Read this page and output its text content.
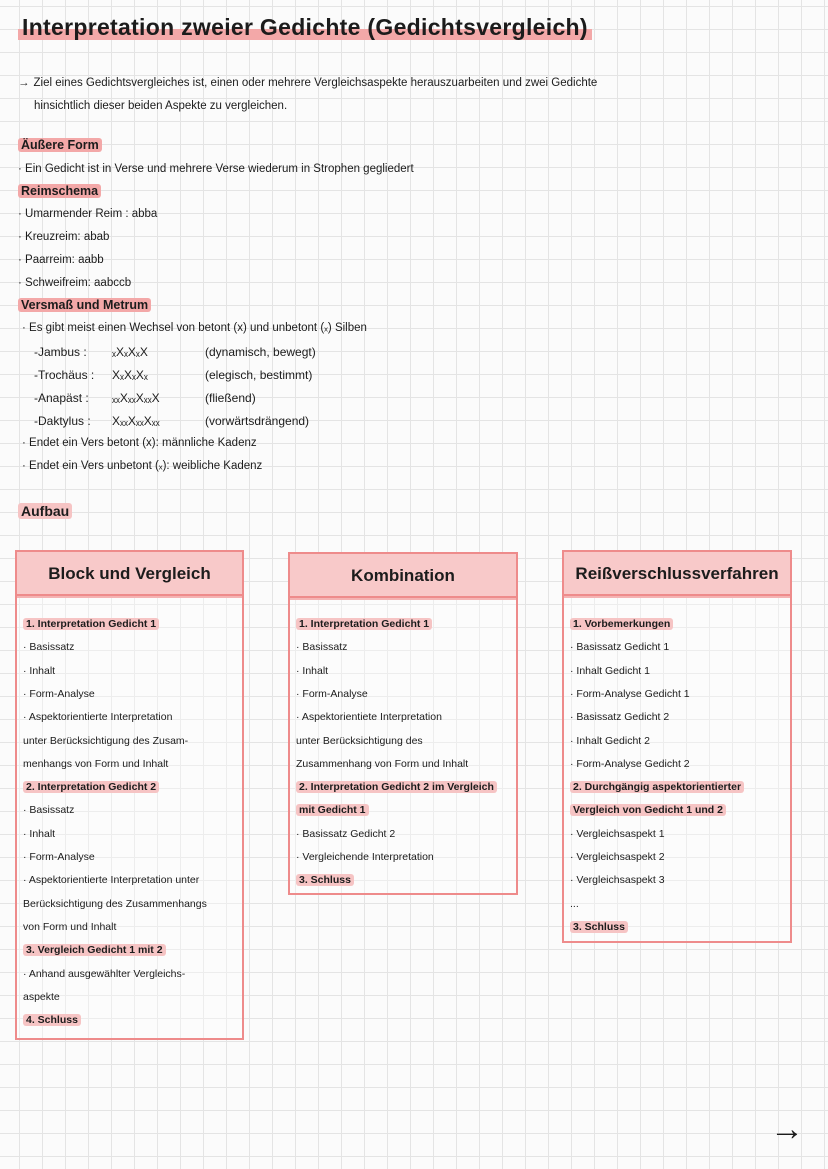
Interpretation zweier Gedichte (Gedichtsvergleich)
→ Ziel eines Gedichtsvergleiches ist, einen oder mehrere Vergleichsaspekte herauszuarbeiten und zwei Gedichte
hinsichtlich dieser beiden Aspekte zu vergleichen.
Äußere Form
· Ein Gedicht ist in Verse und mehrere Verse wiederum in Strophen gegliedert
Reimschema
· Umarmender Reim : abba
· Kreuzreim: abab
· Paarreim: aabb
· Schweifreim: aabccb
Versmaß und Metrum
· Es gibt meist einen Wechsel von betont (x) und unbetont (ₓ) Silben
-Jambus : ₓXₓXₓX	(dynamisch, bewegt)
-Trochäus : XₓXₓXₓ	(elegisch, bestimmt)
-Anapäst : ₓₓXₓₓXₓₓX	(fließend)
-Daktylus : XₓₓXₓₓXₓₓ	(vorwärtsdrängend)
· Endet ein Vers betont (x): männliche Kadenz
· Endet ein Vers unbetont (ₓ): weibliche Kadenz
Aufbau
Block und Vergleich
1. Interpretation Gedicht 1
· Basissatz
· Inhalt
· Form-Analyse
· Aspektorientierte Interpretation
unter Berücksichtigung des Zusam-
menhangs von Form und Inhalt
2. Interpretation Gedicht 2
· Basissatz
· Inhalt
· Form-Analyse
· Aspektorientierte Interpretation unter
Berücksichtigung des Zusammenhangs
von Form und Inhalt
3. Vergleich Gedicht 1 mit 2
· Anhand ausgewählter Vergleichs-
aspekte
4. Schluss
Kombination
1. Interpretation Gedicht 1
· Basissatz
· Inhalt
· Form-Analyse
· Aspektorientiete Interpretation
unter Berücksichtigung des
Zusammenhang von Form und Inhalt
2. Interpretation Gedicht 2 im Vergleich
mit Gedicht 1
· Basissatz Gedicht 2
· Vergleichende Interpretation
3. Schluss
Reißverschlussverfahren
1. Vorbemerkungen
· Basissatz Gedicht 1
· Inhalt Gedicht 1
· Form-Analyse Gedicht 1
· Basissatz Gedicht 2
· Inhalt Gedicht 2
· Form-Analyse Gedicht 2
2. Durchgängig aspektorientierter
Vergleich von Gedicht 1 und 2
· Vergleichsaspekt 1
· Vergleichsaspekt 2
· Vergleichsaspekt 3
...
3. Schluss
→
